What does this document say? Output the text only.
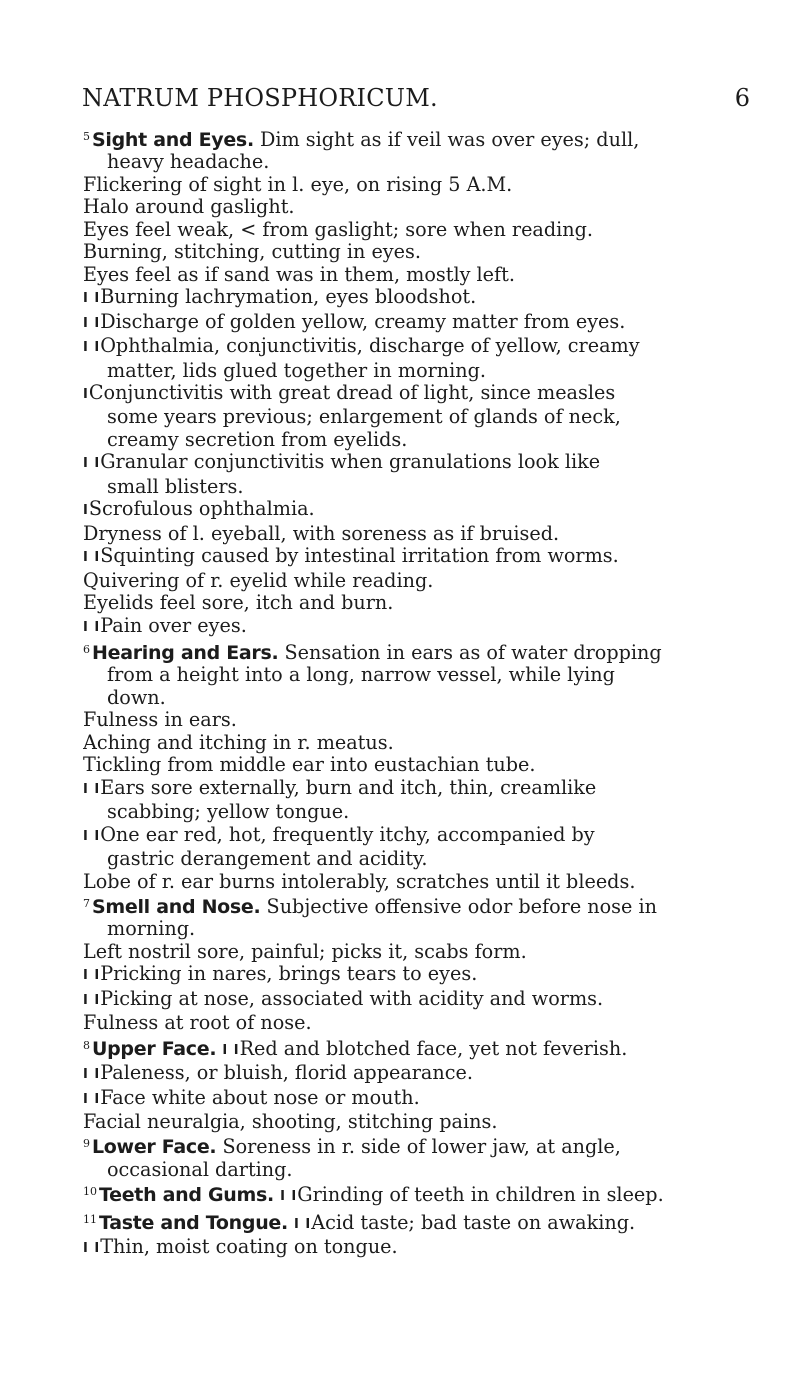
NATRUM PHOSPHORICUM.	6
$^5$ Sight and Eyes. Dim sight as if veil was over eyes; dull,
heavy headache.
Flickering of sight in l. eye, on rising 5 A.M.
Halo around gaslight.
Eyes feel weak, < from gaslight; sore when reading.
Burning, stitching, cutting in eyes.
Eyes feel as if sand was in them, mostly left.
I IBurning lachrymation, eyes bloodshot.
I IDischarge of golden yellow, creamy matter from eyes.
I IOphthalmia, conjunctivitis, discharge of yellow, creamy
matter, lids glued together in morning.
IConjunctivitis with great dread of light, since measles
some years previous; enlargement of glands of neck,
creamy secretion from eyelids.
I IGranular conjunctivitis when granulations look like
small blisters.
IScrofulous ophthalmia.
Dryness of l. eyeball, with soreness as if bruised.
I ISquinting caused by intestinal irritation from worms.
Quivering of r. eyelid while reading.
Eyelids feel sore, itch and burn.
I IPain over eyes.
$^6$ Hearing and Ears. Sensation in ears as of water dropping
from a height into a long, narrow vessel, while lying
down.
Fulness in ears.
Aching and itching in r. meatus.
Tickling from middle ear into eustachian tube.
I IEars sore externally, burn and itch, thin, creamlike
scabbing; yellow tongue.
I IOne ear red, hot, frequently itchy, accompanied by
gastric derangement and acidity.
Lobe of r. ear burns intolerably, scratches until it bleeds.
$^7$ Smell and Nose. Subjective offensive odor before nose in
morning.
Left nostril sore, painful; picks it, scabs form.
I IPricking in nares, brings tears to eyes.
I IPicking at nose, associated with acidity and worms.
Fulness at root of nose.
$^8$ Upper Face. I IRed and blotched face, yet not feverish.
I IPaleness, or bluish, florid appearance.
I IFace white about nose or mouth.
Facial neuralgia, shooting, stitching pains.
$^9$ Lower Face. Soreness in r. side of lower jaw, at angle,
occasional darting.
$^{10}$ Teeth and Gums. I IGrinding of teeth in children in sleep.
$^{11}$ Taste and Tongue. I IAcid taste; bad taste on awaking.
I IThin, moist coating on tongue.
